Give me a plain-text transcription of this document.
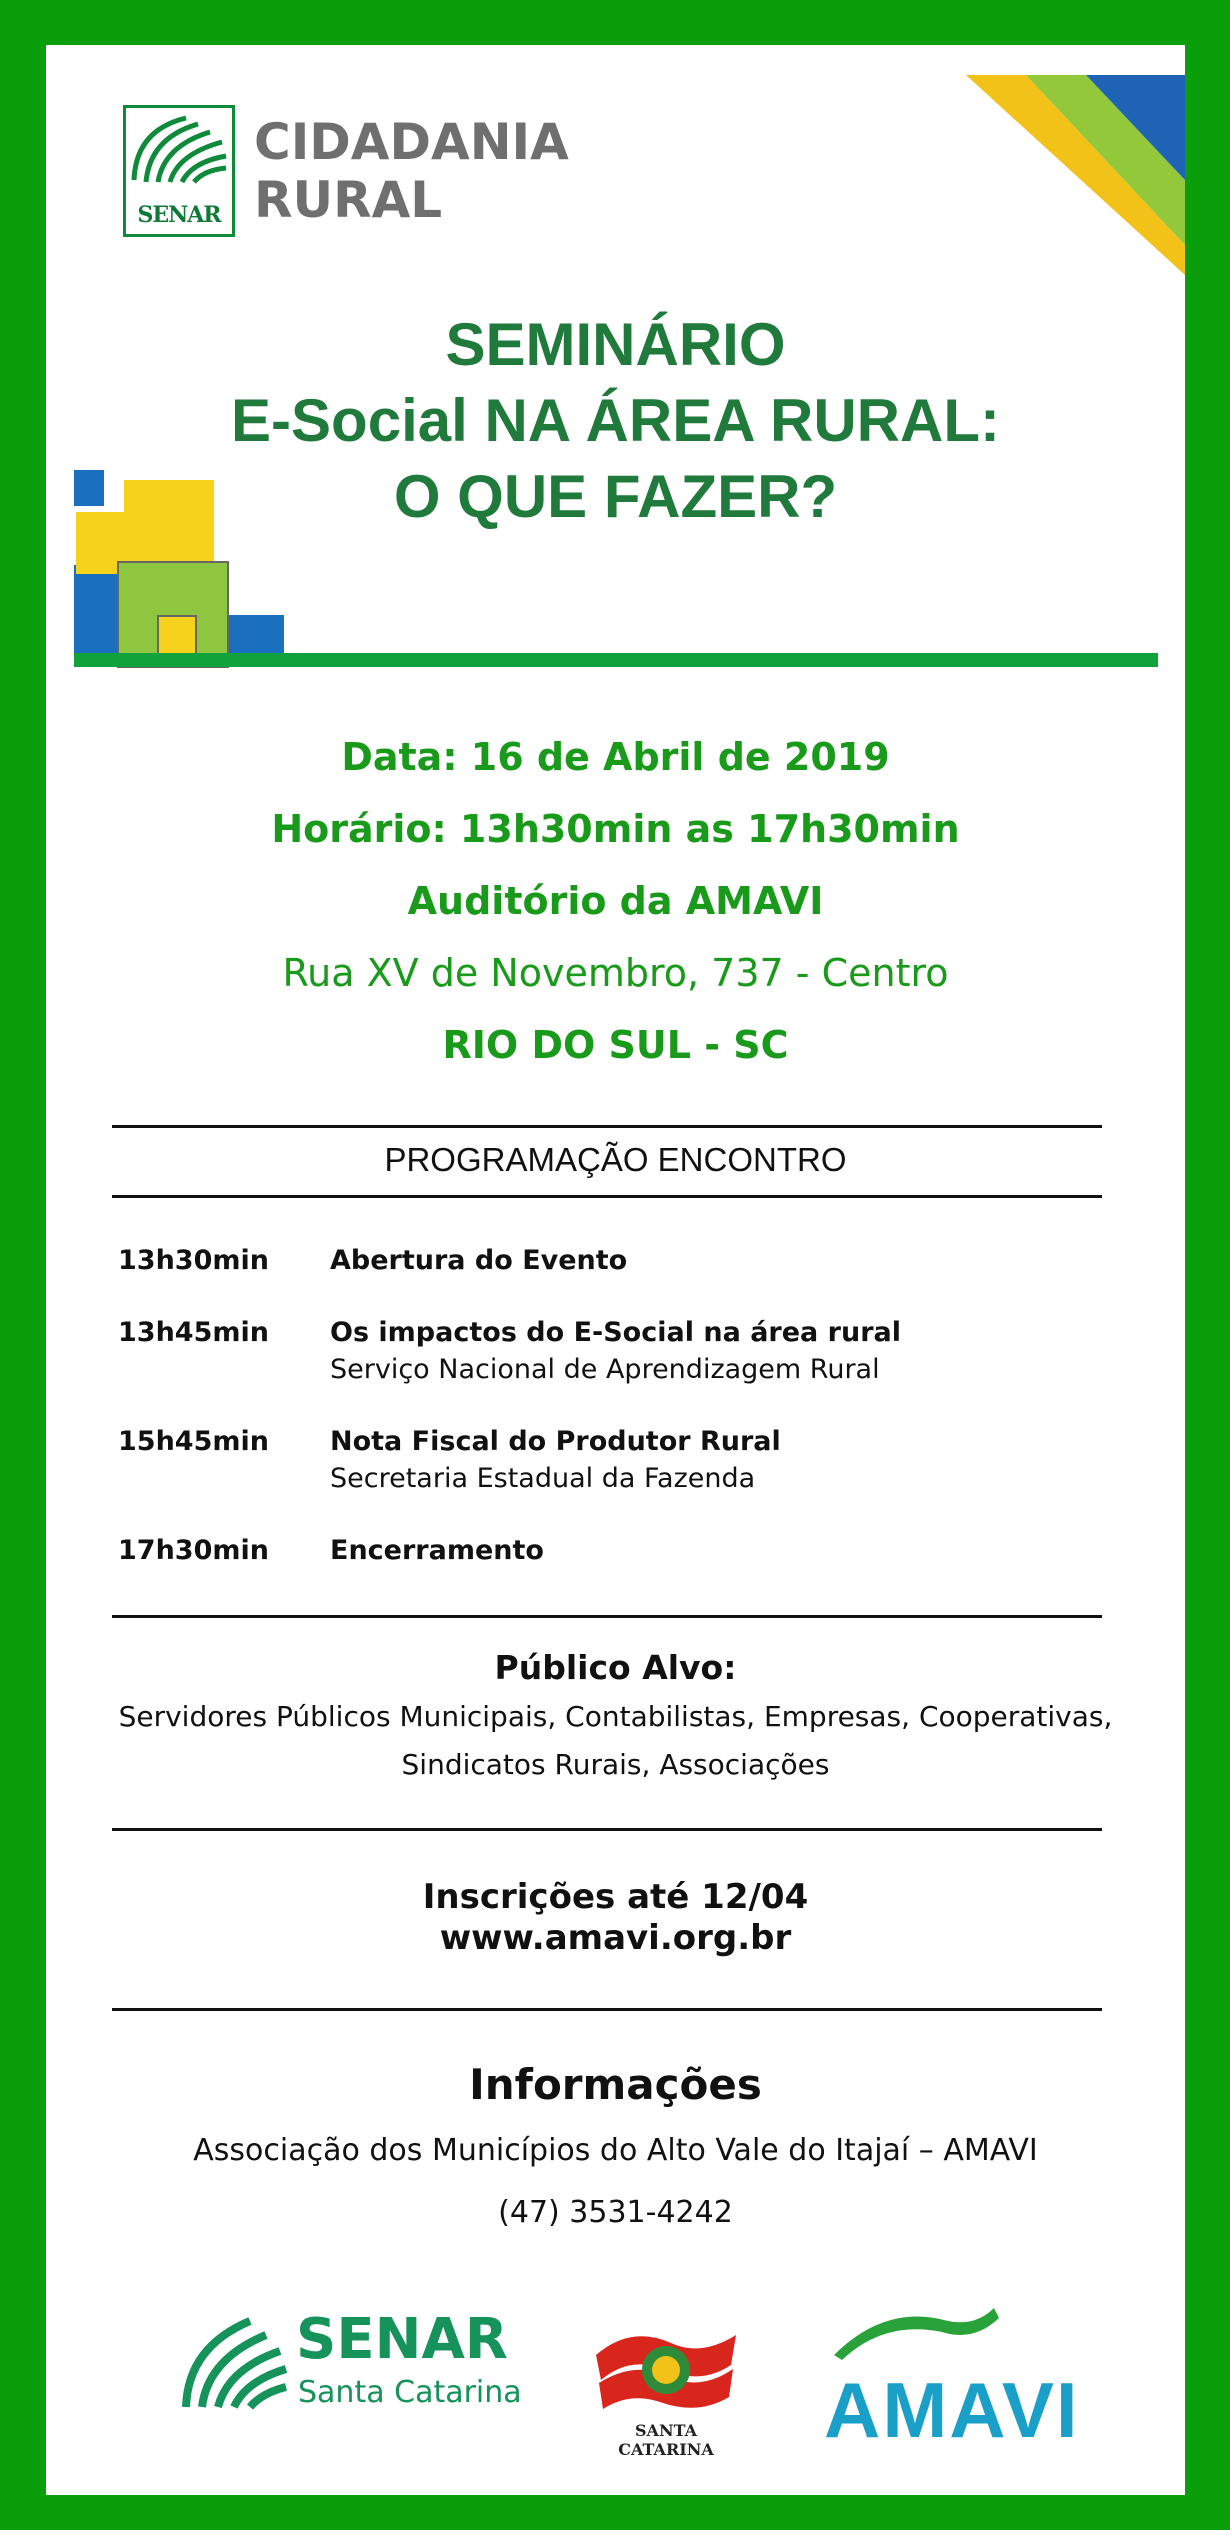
SENAR
CIDADANIA
RURAL
SEMINÁRIO
E-Social NA ÁREA RURAL:
O QUE FAZER?
Data: 16 de Abril de 2019
Horário: 13h30min as 17h30min
Auditório da AMAVI
Rua XV de Novembro, 737 - Centro
RIO DO SUL - SC
PROGRAMAÇÃO ENCONTRO
13h30min Abertura do Evento
13h45min Os impactos do E-Social na área rural
Serviço Nacional de Aprendizagem Rural
15h45min Nota Fiscal do Produtor Rural
Secretaria Estadual da Fazenda
17h30min Encerramento
Público Alvo:
Servidores Públicos Municipais, Contabilistas, Empresas, Cooperativas,
Sindicatos Rurais, Associações
Inscrições até 12/04
www.amavi.org.br
Informações
Associação dos Municípios do Alto Vale do Itajaí – AMAVI
(47) 3531-4242
SENAR
Santa Catarina
SANTA CATARINA	AMAVI
